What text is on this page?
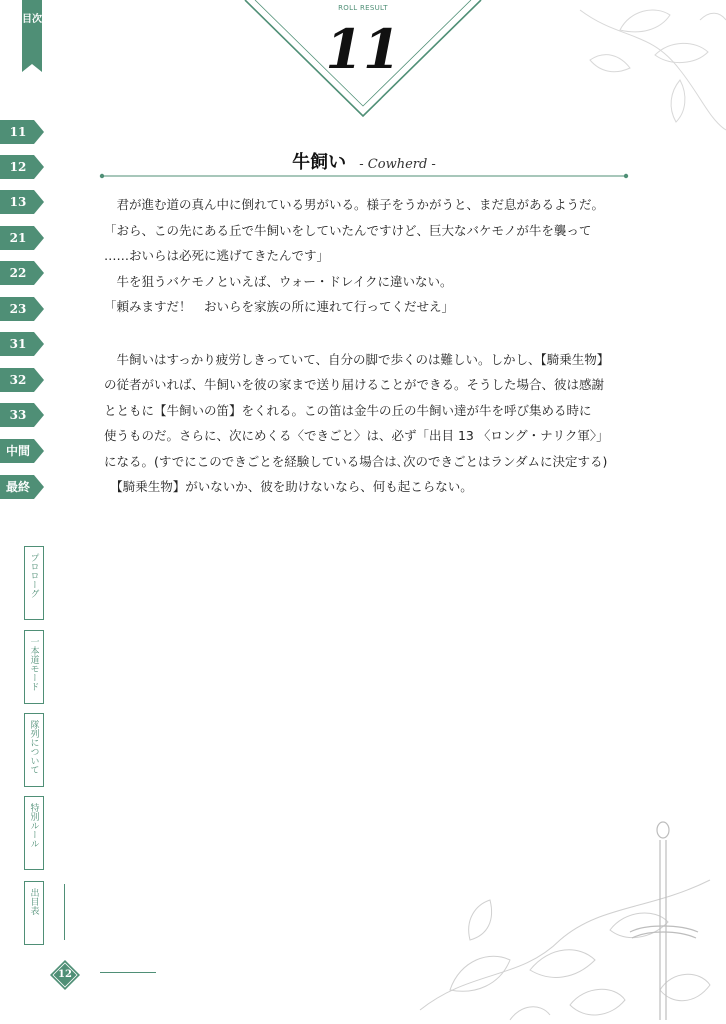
目次
ROLL RESULT
11
11
12
13
21
22
23
31
32
33
中間
最終
プロローグ
一本道モード
隊列について
特別ルール
出目表
牛飼い - Cowherd -

　君が進む道の真ん中に倒れている男がいる。様子をうかがうと、まだ息があるようだ。

「おら、この先にある丘で牛飼いをしていたんですけど、巨大なバケモノが牛を襲って

……おいらは必死に逃げてきたんです」

　牛を狙うバケモノといえば、ウォー・ドレイクに違いない。

「頼みますだ！　おいらを家族の所に連れて行ってくだせえ」

　牛飼いはすっかり疲労しきっていて、自分の脚で歩くのは難しい。しかし、【騎乗生物】

の従者がいれば、牛飼いを彼の家まで送り届けることができる。そうした場合、彼は感謝

とともに【牛飼いの笛】をくれる。この笛は金牛の丘の牛飼い達が牛を呼び集める時に

使うものだ。さらに、次にめくる〈できごと〉は、必ず「出目 13 〈ロング・ナリク軍〉」

になる。(すでにこのできごとを経験している場合は､次のできごとはランダムに決定する)

　【騎乗生物】がいないか、彼を助けないなら、何も起こらない。

12
